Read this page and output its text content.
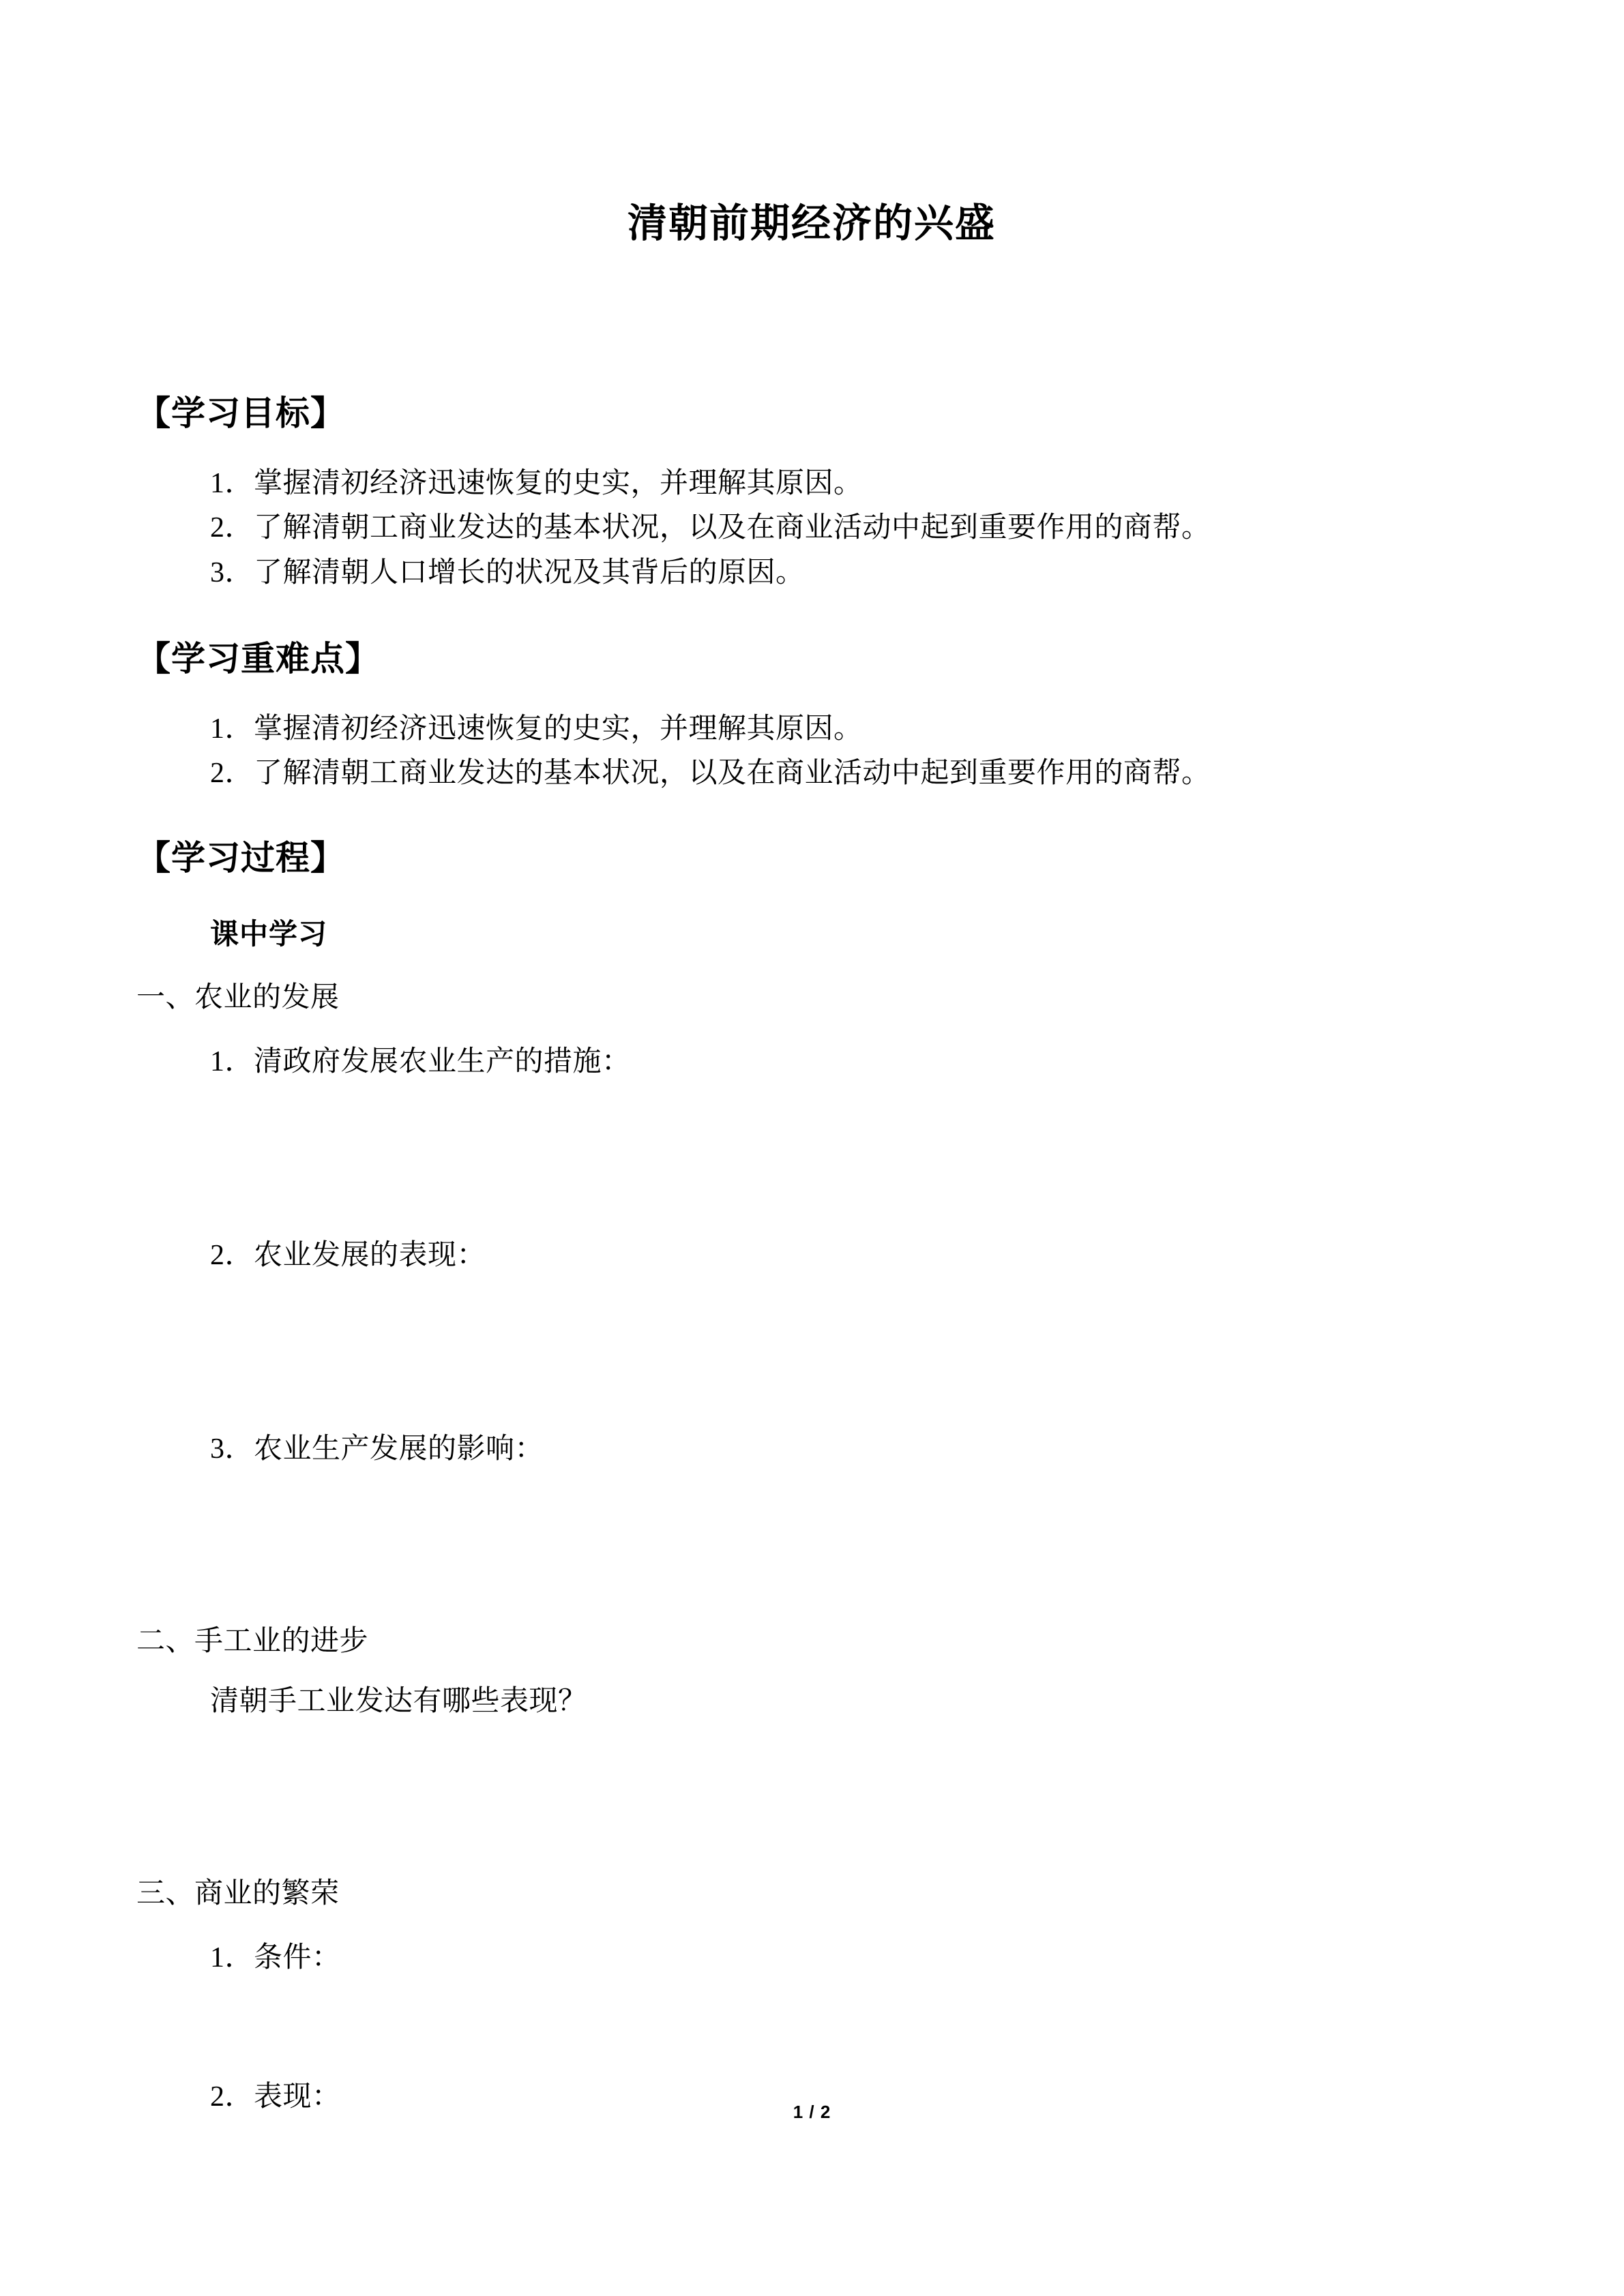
清朝前期经济的兴盛
【学习目标】
1．掌握清初经济迅速恢复的史实，并理解其原因。
2．了解清朝工商业发达的基本状况，以及在商业活动中起到重要作用的商帮。
3．了解清朝人口增长的状况及其背后的原因。
【学习重难点】
1．掌握清初经济迅速恢复的史实，并理解其原因。
2．了解清朝工商业发达的基本状况，以及在商业活动中起到重要作用的商帮。
【学习过程】
课中学习
一、农业的发展
1．清政府发展农业生产的措施：
2．农业发展的表现：
3．农业生产发展的影响：
二、手工业的进步
清朝手工业发达有哪些表现？
三、商业的繁荣
1．条件：
2．表现：	1 / 2
